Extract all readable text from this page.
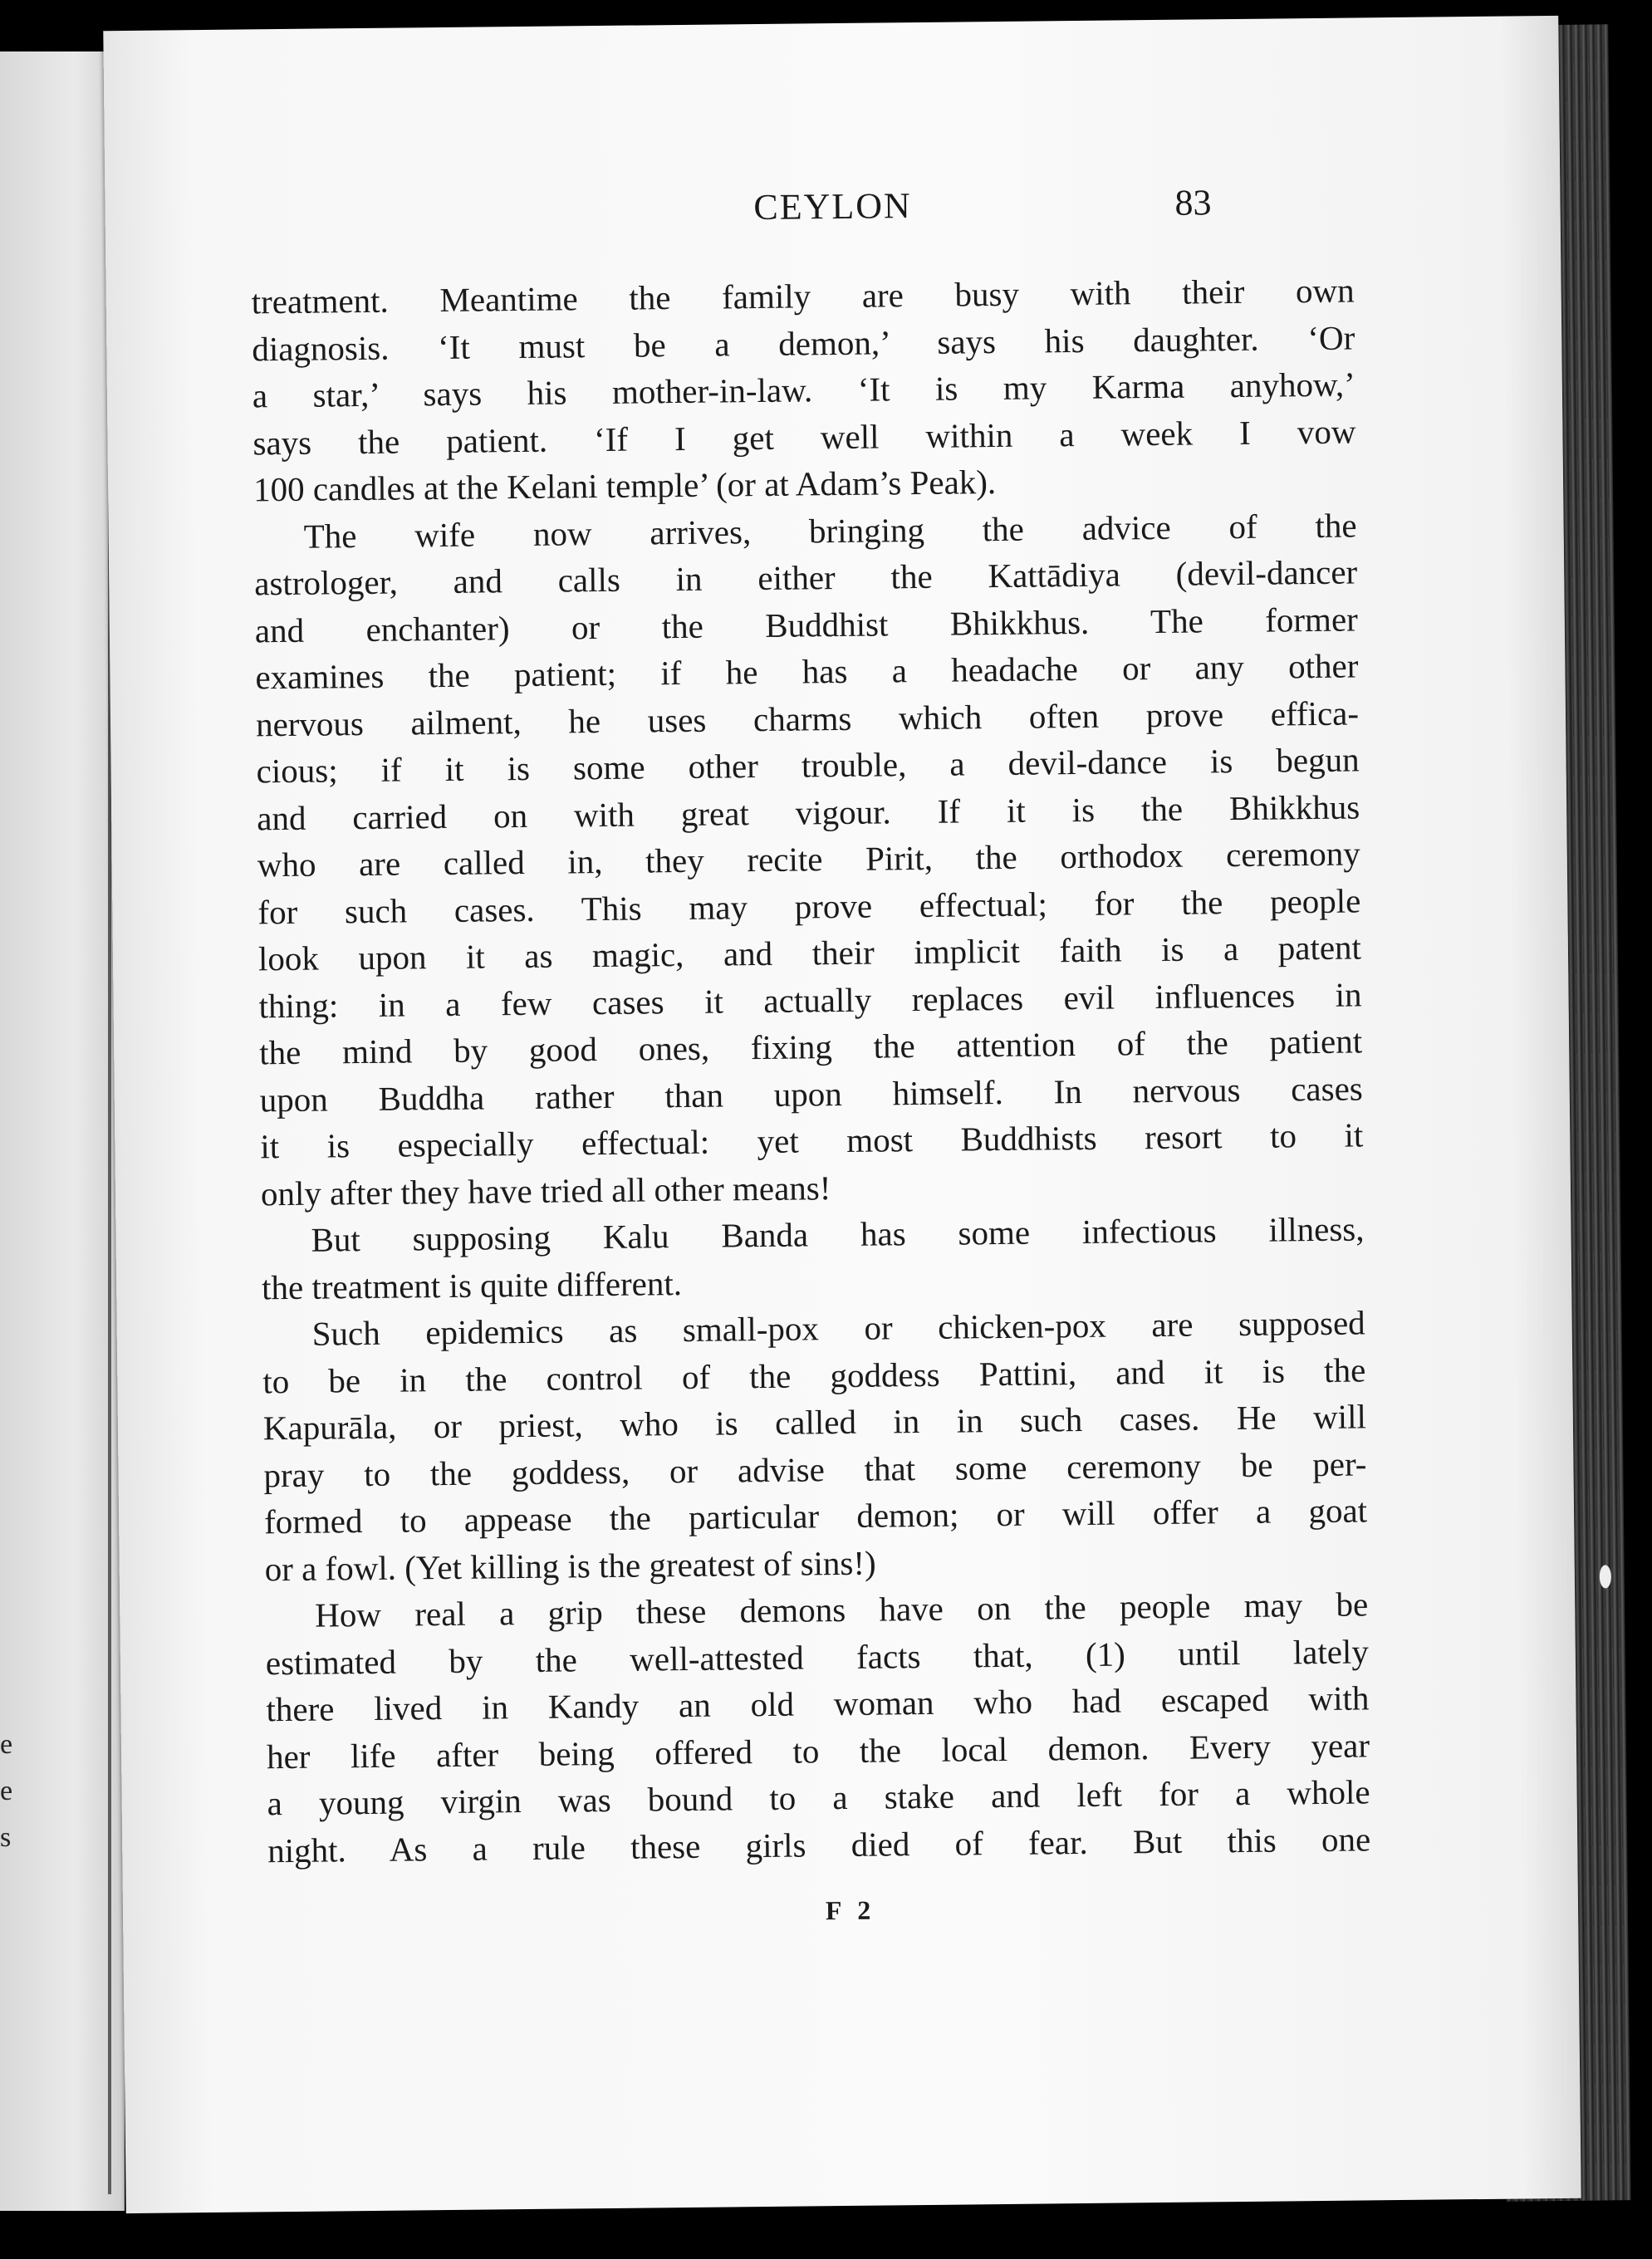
e
e
s
CEYLON	83
treatment. Meantime the family are busy with their own
diagnosis. ‘It must be a demon,’ says his daughter. ‘Or
a star,’ says his mother-in-law. ‘It is my Karma anyhow,’
says the patient. ‘If I get well within a week I vow
100 candles at the Kelani temple’ (or at Adam’s Peak).
The wife now arrives, bringing the advice of the
astrologer, and calls in either the Kattādiya (devil-dancer
and enchanter) or the Buddhist Bhikkhus. The former
examines the patient; if he has a headache or any other
nervous ailment, he uses charms which often prove effica-
cious; if it is some other trouble, a devil-dance is begun
and carried on with great vigour. If it is the Bhikkhus
who are called in, they recite Pirit, the orthodox ceremony
for such cases. This may prove effectual; for the people
look upon it as magic, and their implicit faith is a patent
thing: in a few cases it actually replaces evil influences in
the mind by good ones, fixing the attention of the patient
upon Buddha rather than upon himself. In nervous cases
it is especially effectual: yet most Buddhists resort to it
only after they have tried all other means!
But supposing Kalu Banda has some infectious illness,
the treatment is quite different.
Such epidemics as small-pox or chicken-pox are supposed
to be in the control of the goddess Pattini, and it is the
Kapurāla, or priest, who is called in in such cases. He will
pray to the goddess, or advise that some ceremony be per-
formed to appease the particular demon; or will offer a goat
or a fowl. (Yet killing is the greatest of sins!)
How real a grip these demons have on the people may be
estimated by the well-attested facts that, (1) until lately
there lived in Kandy an old woman who had escaped with
her life after being offered to the local demon. Every year
a young virgin was bound to a stake and left for a whole
night. As a rule these girls died of fear. But this one
F 2
